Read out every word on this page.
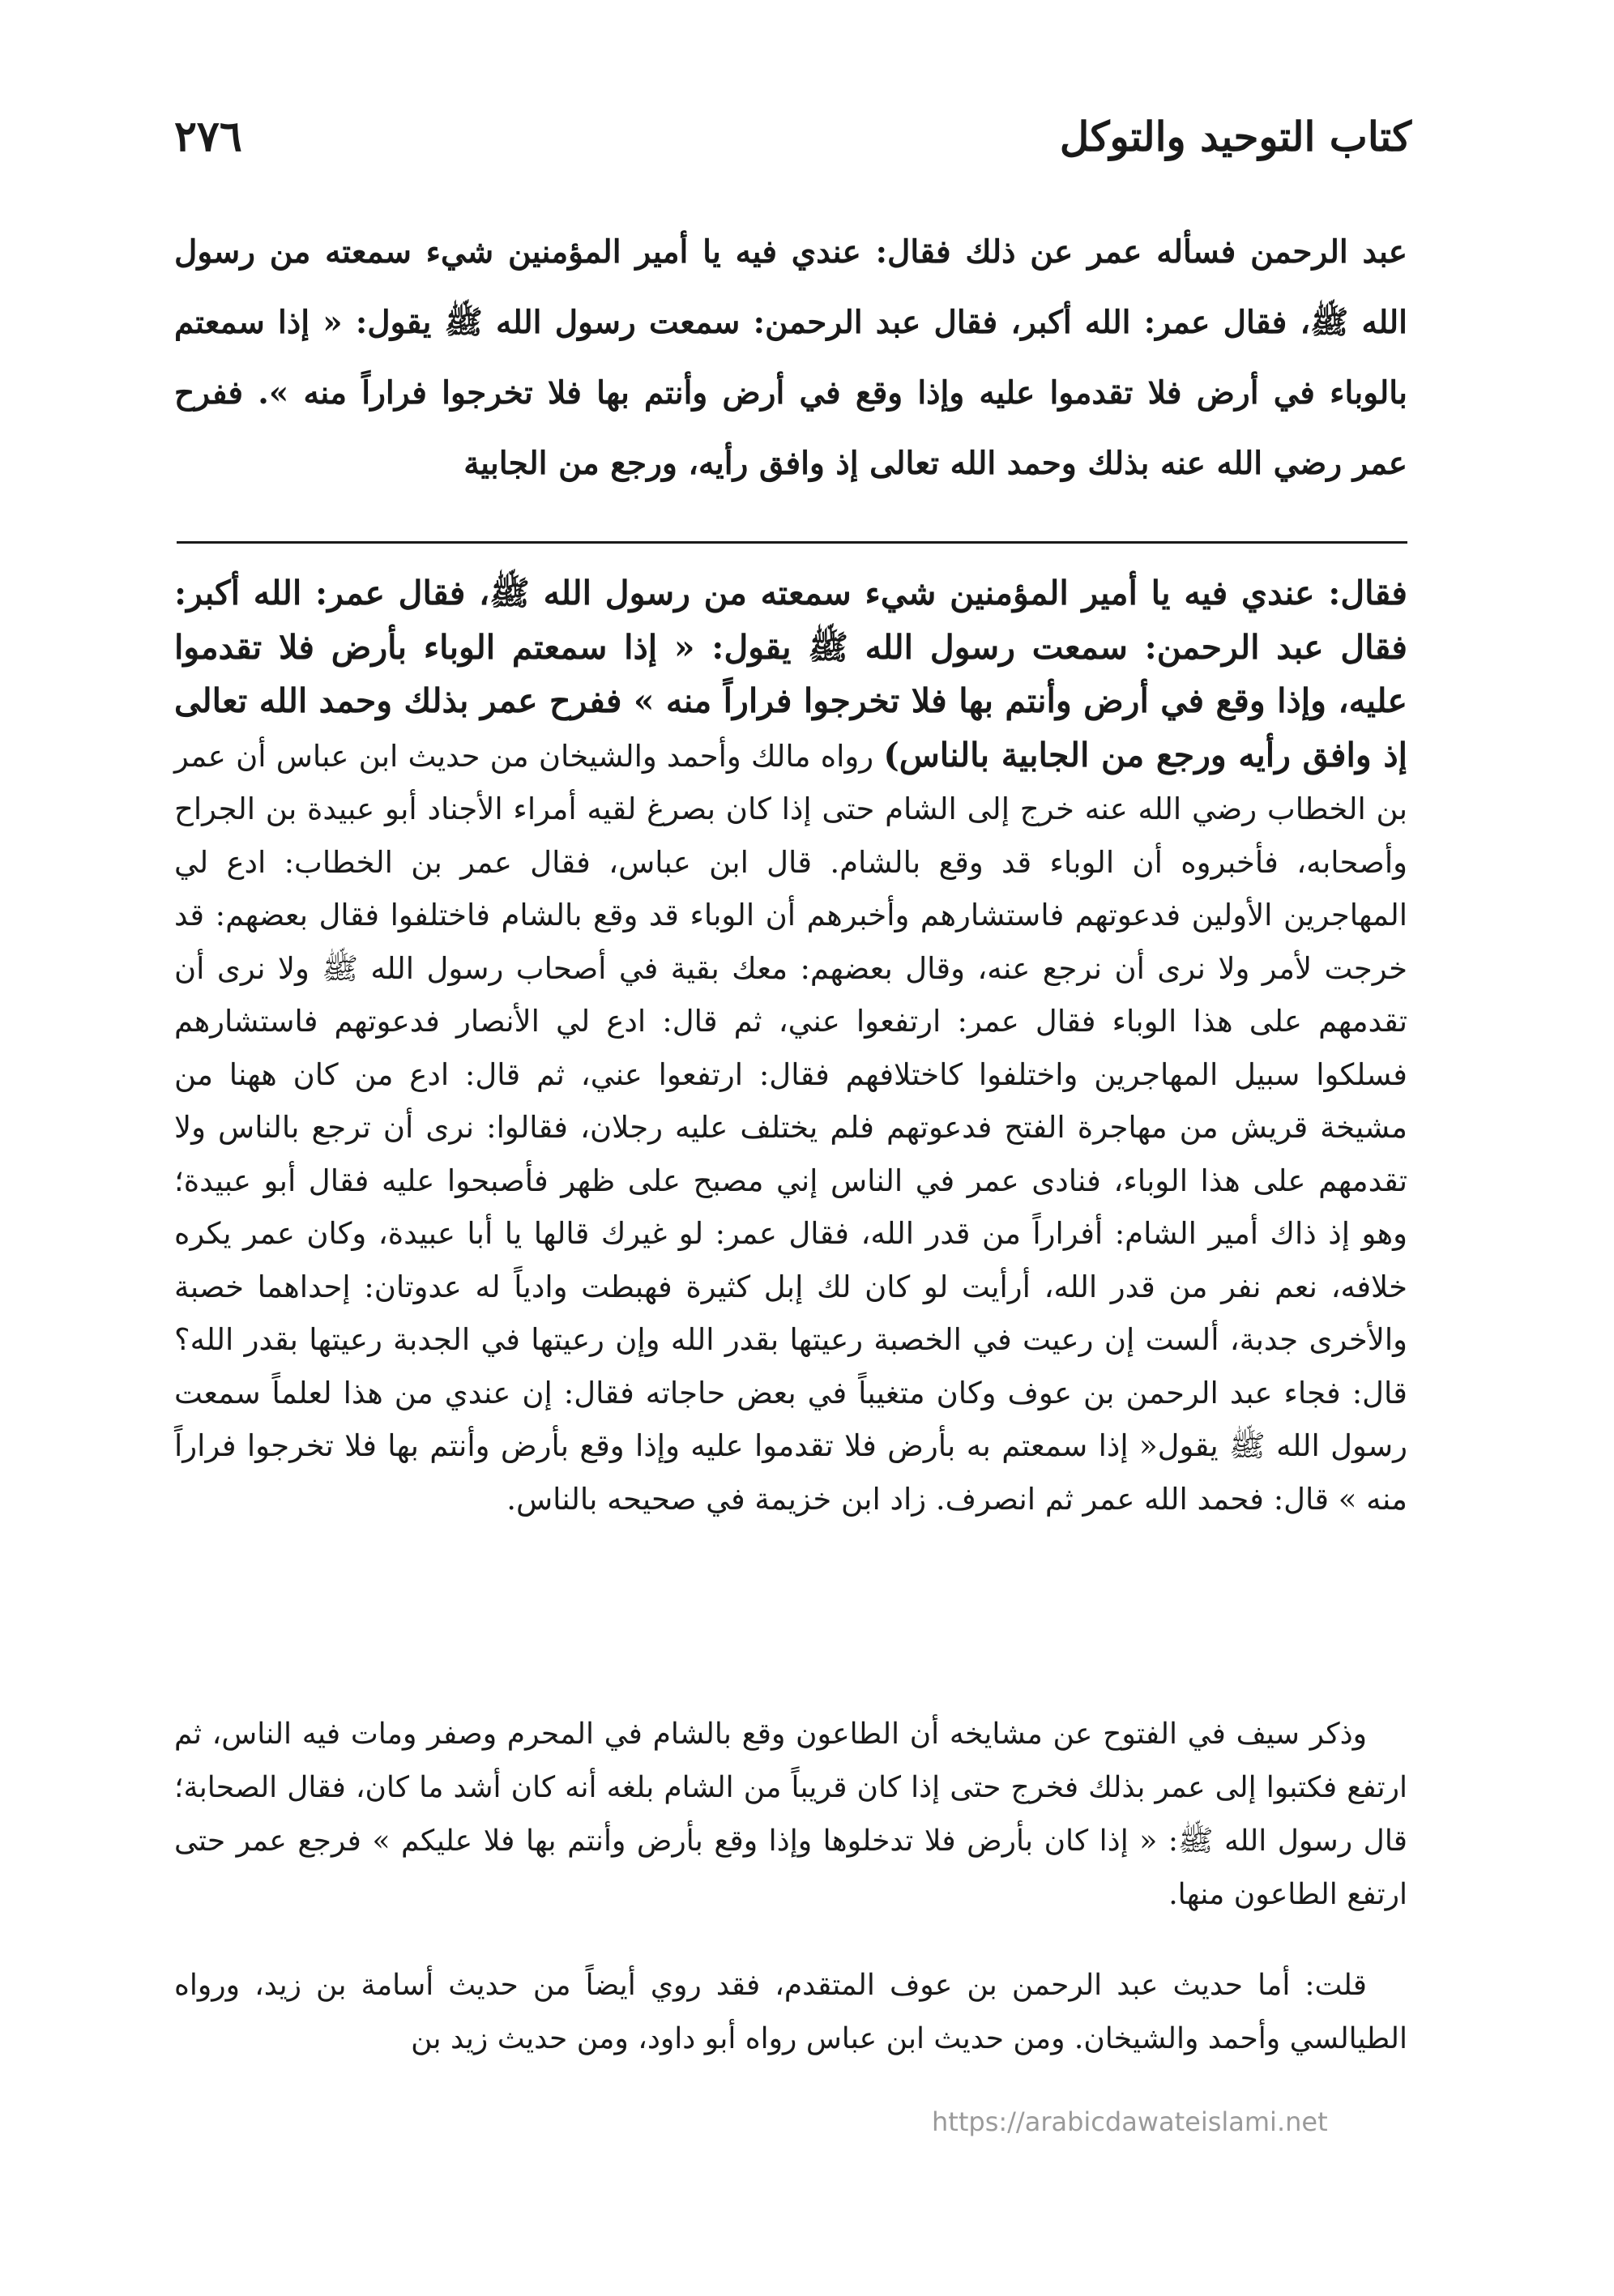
كتاب التوحيد والتوكل
٢٧٦

عبد الرحمن فسأله عمر عن ذلك فقال: عندي فيه يا أمير المؤمنين شيء سمعته من رسول الله ﷺ، فقال عمر: الله أكبر، فقال عبد الرحمن: سمعت رسول الله ﷺ يقول: « إذا سمعتم بالوباء في أرض فلا تقدموا عليه وإذا وقع في أرض وأنتم بها فلا تخرجوا فراراً منه ». ففرح عمر رضي الله عنه بذلك وحمد الله تعالى إذ وافق رأيه، ورجع من الجابية

فقال: عندي فيه يا أمير المؤمنين شيء سمعته من رسول الله ﷺ، فقال عمر: الله أكبر: فقال عبد الرحمن: سمعت رسول الله ﷺ يقول: « إذا سمعتم الوباء بأرض فلا تقدموا عليه، وإذا وقع في أرض وأنتم بها فلا تخرجوا فراراً منه » ففرح عمر بذلك وحمد الله تعالى إذ وافق رأيه ورجع من الجابية بالناس) رواه مالك وأحمد والشيخان من حديث ابن عباس أن عمر بن الخطاب رضي الله عنه خرج إلى الشام حتى إذا كان بصرغ لقيه أمراء الأجناد أبو عبيدة بن الجراح وأصحابه، فأخبروه أن الوباء قد وقع بالشام. قال ابن عباس، فقال عمر بن الخطاب: ادع لي المهاجرين الأولين فدعوتهم فاستشارهم وأخبرهم أن الوباء قد وقع بالشام فاختلفوا فقال بعضهم: قد خرجت لأمر ولا نرى أن نرجع عنه، وقال بعضهم: معك بقية في أصحاب رسول الله ﷺ ولا نرى أن تقدمهم على هذا الوباء فقال عمر: ارتفعوا عني، ثم قال: ادع لي الأنصار فدعوتهم فاستشارهم فسلكوا سبيل المهاجرين واختلفوا كاختلافهم فقال: ارتفعوا عني، ثم قال: ادع من كان ههنا من مشيخة قريش من مهاجرة الفتح فدعوتهم فلم يختلف عليه رجلان، فقالوا: نرى أن ترجع بالناس ولا تقدمهم على هذا الوباء، فنادى عمر في الناس إني مصبح على ظهر فأصبحوا عليه فقال أبو عبيدة؛ وهو إذ ذاك أمير الشام: أفراراً من قدر الله، فقال عمر: لو غيرك قالها يا أبا عبيدة، وكان عمر يكره خلافه، نعم نفر من قدر الله، أرأيت لو كان لك إبل كثيرة فهبطت وادياً له عدوتان: إحداهما خصبة والأخرى جدبة، ألست إن رعيت في الخصبة رعيتها بقدر الله وإن رعيتها في الجدبة رعيتها بقدر الله؟ قال: فجاء عبد الرحمن بن عوف وكان متغيباً في بعض حاجاته فقال: إن عندي من هذا لعلماً سمعت رسول الله ﷺ يقول« إذا سمعتم به بأرض فلا تقدموا عليه وإذا وقع بأرض وأنتم بها فلا تخرجوا فراراً منه » قال: فحمد الله عمر ثم انصرف. زاد ابن خزيمة في صحيحه بالناس.

وذكر سيف في الفتوح عن مشايخه أن الطاعون وقع بالشام في المحرم وصفر ومات فيه الناس، ثم ارتفع فكتبوا إلى عمر بذلك فخرج حتى إذا كان قريباً من الشام بلغه أنه كان أشد ما كان، فقال الصحابة؛ قال رسول الله ﷺ: « إذا كان بأرض فلا تدخلوها وإذا وقع بأرض وأنتم بها فلا عليكم » فرجع عمر حتى ارتفع الطاعون منها.

قلت: أما حديث عبد الرحمن بن عوف المتقدم، فقد روي أيضاً من حديث أسامة بن زيد، ورواه الطيالسي وأحمد والشيخان. ومن حديث ابن عباس رواه أبو داود، ومن حديث زيد بن

https://arabicdawateislami.net
